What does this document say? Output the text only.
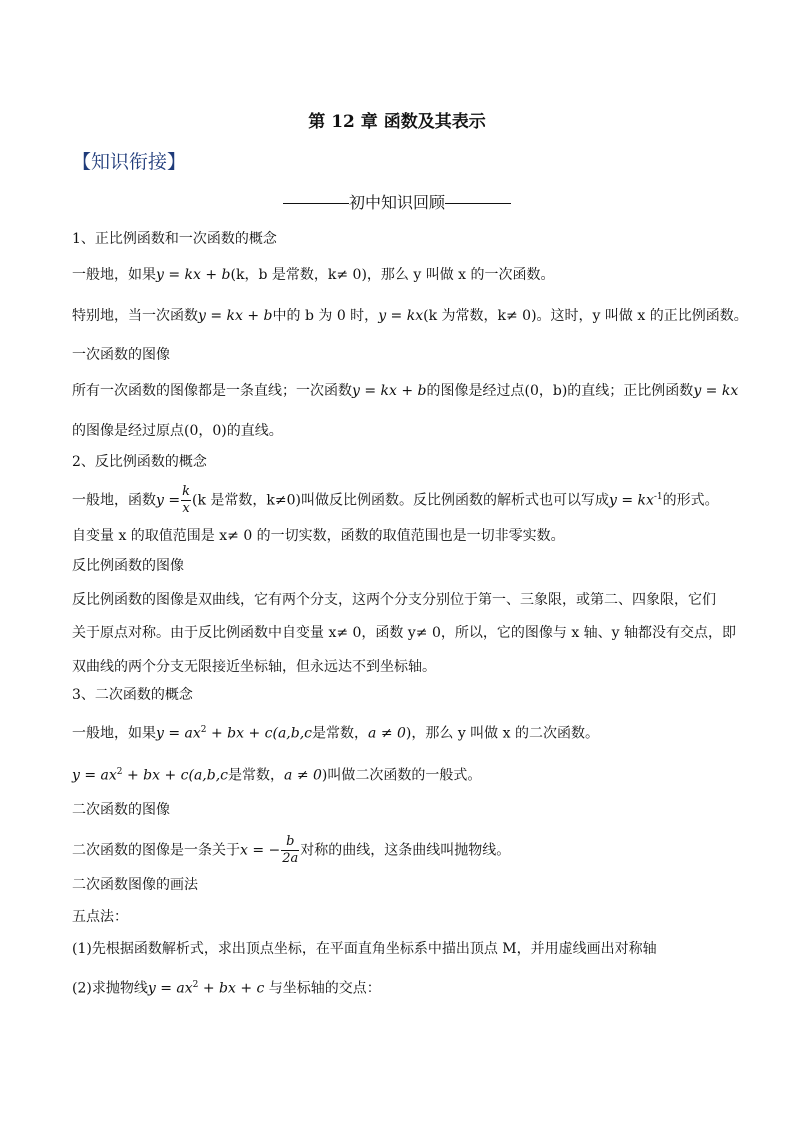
第 12 章 函数及其表示
【知识衔接】
初中知识回顾
1、正比例函数和一次函数的概念
一般地，如果y = kx + b(k，b 是常数，k≠ 0)，那么 y 叫做 x 的一次函数。
特别地，当一次函数y = kx + b中的 b 为 0 时，y = kx(k 为常数，k≠ 0)。这时，y 叫做 x 的正比例函数。
一次函数的图像
所有一次函数的图像都是一条直线；一次函数y = kx + b的图像是经过点(0，b)的直线；正比例函数y = kx
的图像是经过原点(0，0)的直线。
2、反比例函数的概念
一般地，函数$y = \frac{k}{x} (k$ 是常数，k≠0)叫做反比例函数。反比例函数的解析式也可以写成$y = kx^{-1}$的形式。
自变量 x 的取值范围是 x≠ 0 的一切实数，函数的取值范围也是一切非零实数。
反比例函数的图像
反比例函数的图像是双曲线，它有两个分支，这两个分支分别位于第一、三象限，或第二、四象限，它们
关于原点对称。由于反比例函数中自变量 x≠ 0，函数 y≠ 0，所以，它的图像与 x 轴、y 轴都没有交点，即
双曲线的两个分支无限接近坐标轴，但永远达不到坐标轴。
3、二次函数的概念
一般地，如果$y = ax^2$ + bx + c(a,b,c是常数，a ≠ 0)，那么 y 叫做 x 的二次函数。
$y = ax^2$ + bx + c(a,b,c是常数，a ≠ 0)叫做二次函数的一般式。
二次函数的图像
二次函数的图像是一条关于x = − $\frac{b}{2a}$ 对称的曲线，这条曲线叫抛物线。
二次函数图像的画法
五点法：
(1)先根据函数解析式，求出顶点坐标，在平面直角坐标系中描出顶点 M，并用虚线画出对称轴
(2)求抛物线$y = ax^2$ + bx + c 与坐标轴的交点：
